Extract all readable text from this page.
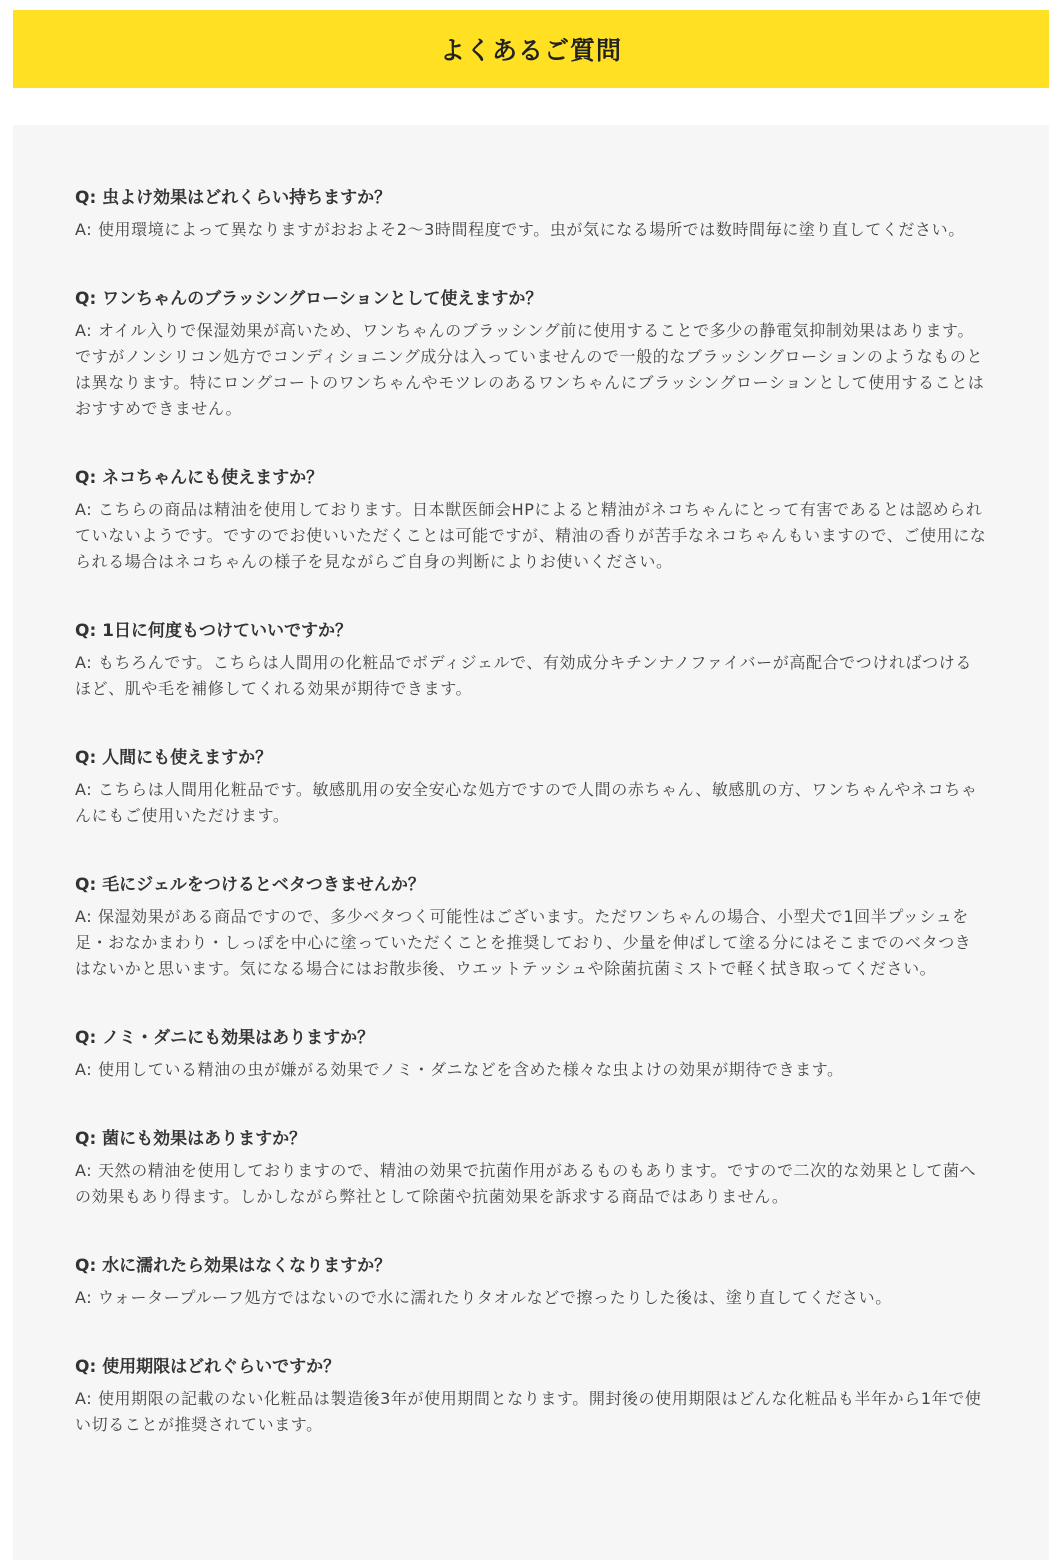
よくあるご質問
Q: 虫よけ効果はどれくらい持ちますか？

A: 使用環境によって異なりますがおおよそ2〜3時間程度です。虫が気になる場所では数時間毎に塗り直してください。

Q: ワンちゃんのブラッシングローションとして使えますか？

A: オイル入りで保湿効果が高いため、ワンちゃんのブラッシング前に使用することで多少の静電気抑制効果はあります。ですがノンシリコン処方でコンディショニング成分は入っていませんので一般的なブラッシングローションのようなものとは異なります。特にロングコートのワンちゃんやモツレのあるワンちゃんにブラッシングローションとして使用することはおすすめできません。

Q: ネコちゃんにも使えますか？

A: こちらの商品は精油を使用しております。日本獣医師会HPによると精油がネコちゃんにとって有害であるとは認められていないようです。ですのでお使いいただくことは可能ですが、精油の香りが苦手なネコちゃんもいますので、ご使用になられる場合はネコちゃんの様子を見ながらご自身の判断によりお使いください。

Q: 1日に何度もつけていいですか？

A: もちろんです。こちらは人間用の化粧品でボディジェルで、有効成分キチンナノファイバーが高配合でつければつけるほど、肌や毛を補修してくれる効果が期待できます。

Q: 人間にも使えますか？

A: こちらは人間用化粧品です。敏感肌用の安全安心な処方ですので人間の赤ちゃん、敏感肌の方、ワンちゃんやネコちゃんにもご使用いただけます。

Q: 毛にジェルをつけるとベタつきませんか？

A: 保湿効果がある商品ですので、多少ベタつく可能性はございます。ただワンちゃんの場合、小型犬で1回半プッシュを足・おなかまわり・しっぽを中心に塗っていただくことを推奨しており、少量を伸ばして塗る分にはそこまでのベタつきはないかと思います。気になる場合にはお散歩後、ウエットテッシュや除菌抗菌ミストで軽く拭き取ってください。

Q: ノミ・ダニにも効果はありますか？

A: 使用している精油の虫が嫌がる効果でノミ・ダニなどを含めた様々な虫よけの効果が期待できます。

Q: 菌にも効果はありますか？

A: 天然の精油を使用しておりますので、精油の効果で抗菌作用があるものもあります。ですので二次的な効果として菌への効果もあり得ます。しかしながら弊社として除菌や抗菌効果を訴求する商品ではありません。

Q: 水に濡れたら効果はなくなりますか？

A: ウォータープルーフ処方ではないので水に濡れたりタオルなどで擦ったりした後は、塗り直してください。

Q: 使用期限はどれぐらいですか？

A: 使用期限の記載のない化粧品は製造後3年が使用期間となります。開封後の使用期限はどんな化粧品も半年から1年で使い切ることが推奨されています。
